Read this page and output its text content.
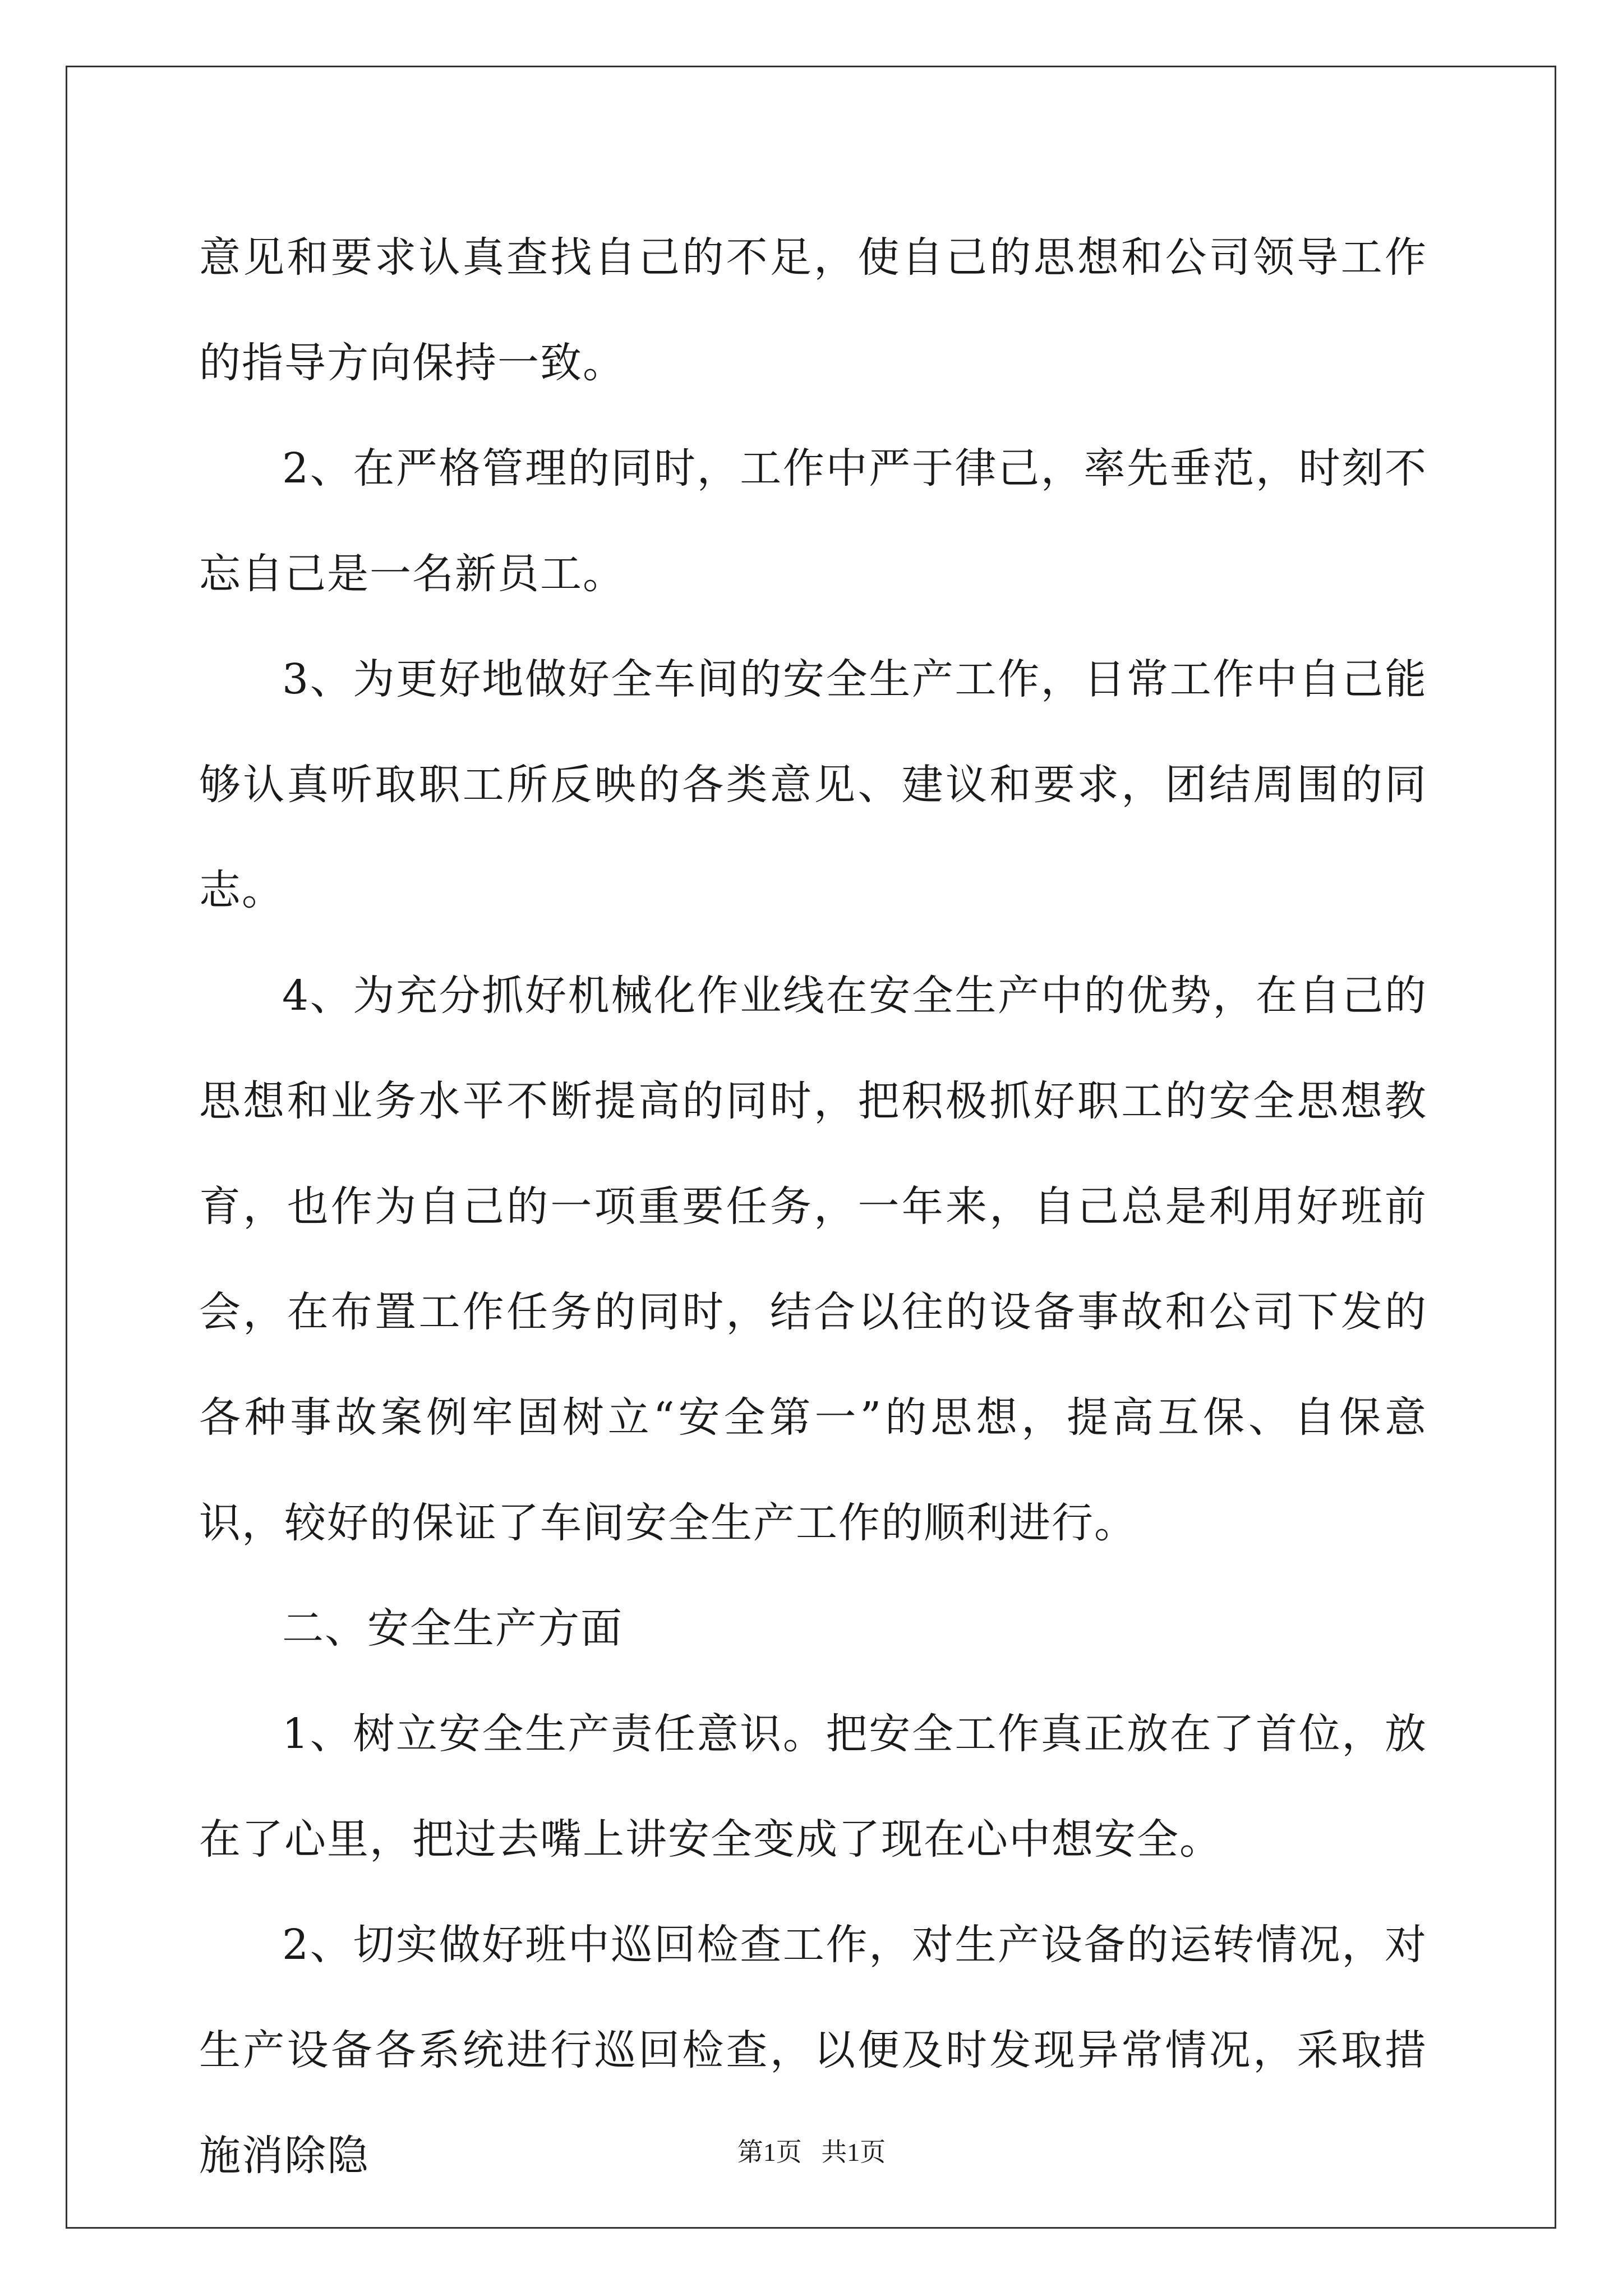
意见和要求认真查找自己的不足，使自己的思想和公司领导工作的指导方向保持一致。

2、在严格管理的同时，工作中严于律己，率先垂范，时刻不忘自己是一名新员工。

3、为更好地做好全车间的安全生产工作，日常工作中自己能够认真听取职工所反映的各类意见、建议和要求，团结周围的同志。

4、为充分抓好机械化作业线在安全生产中的优势，在自己的思想和业务水平不断提高的同时，把积极抓好职工的安全思想教育，也作为自己的一项重要任务，一年来，自己总是利用好班前会，在布置工作任务的同时，结合以往的设备事故和公司下发的各种事故案例牢固树立“安全第一”的思想，提高互保、自保意识，较好的保证了车间安全生产工作的顺利进行。

二、安全生产方面

1、树立安全生产责任意识。把安全工作真正放在了首位，放在了心里，把过去嘴上讲安全变成了现在心中想安全。

2、切实做好班中巡回检查工作，对生产设备的运转情况，对生产设备各系统进行巡回检查，以便及时发现异常情况，采取措施消除隐	第1页   共1页
